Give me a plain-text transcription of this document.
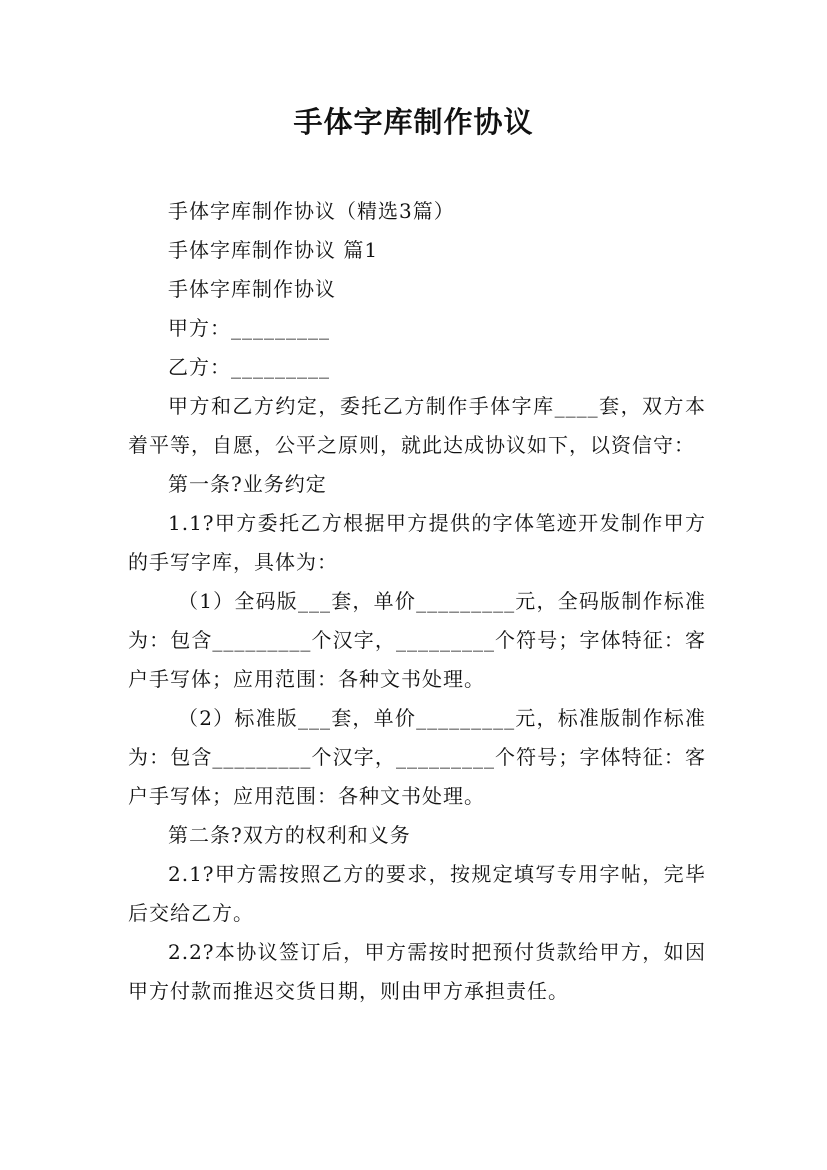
手体字库制作协议

手体字库制作协议（精选3篇）

手体字库制作协议 篇1

手体字库制作协议

甲方：_________

乙方：_________

甲方和乙方约定，委托乙方制作手体字库____套，双方本着平等，自愿，公平之原则，就此达成协议如下，以资信守：

第一条?业务约定

1.1?甲方委托乙方根据甲方提供的字体笔迹开发制作甲方的手写字库，具体为：

（1）全码版___套，单价_________元，全码版制作标准为：包含_________个汉字，_________个符号；字体特征：客户手写体；应用范围：各种文书处理。

（2）标准版___套，单价_________元，标准版制作标准为：包含_________个汉字，_________个符号；字体特征：客户手写体；应用范围：各种文书处理。

第二条?双方的权利和义务

2.1?甲方需按照乙方的要求，按规定填写专用字帖，完毕后交给乙方。

2.2?本协议签订后，甲方需按时把预付货款给甲方，如因甲方付款而推迟交货日期，则由甲方承担责任。
